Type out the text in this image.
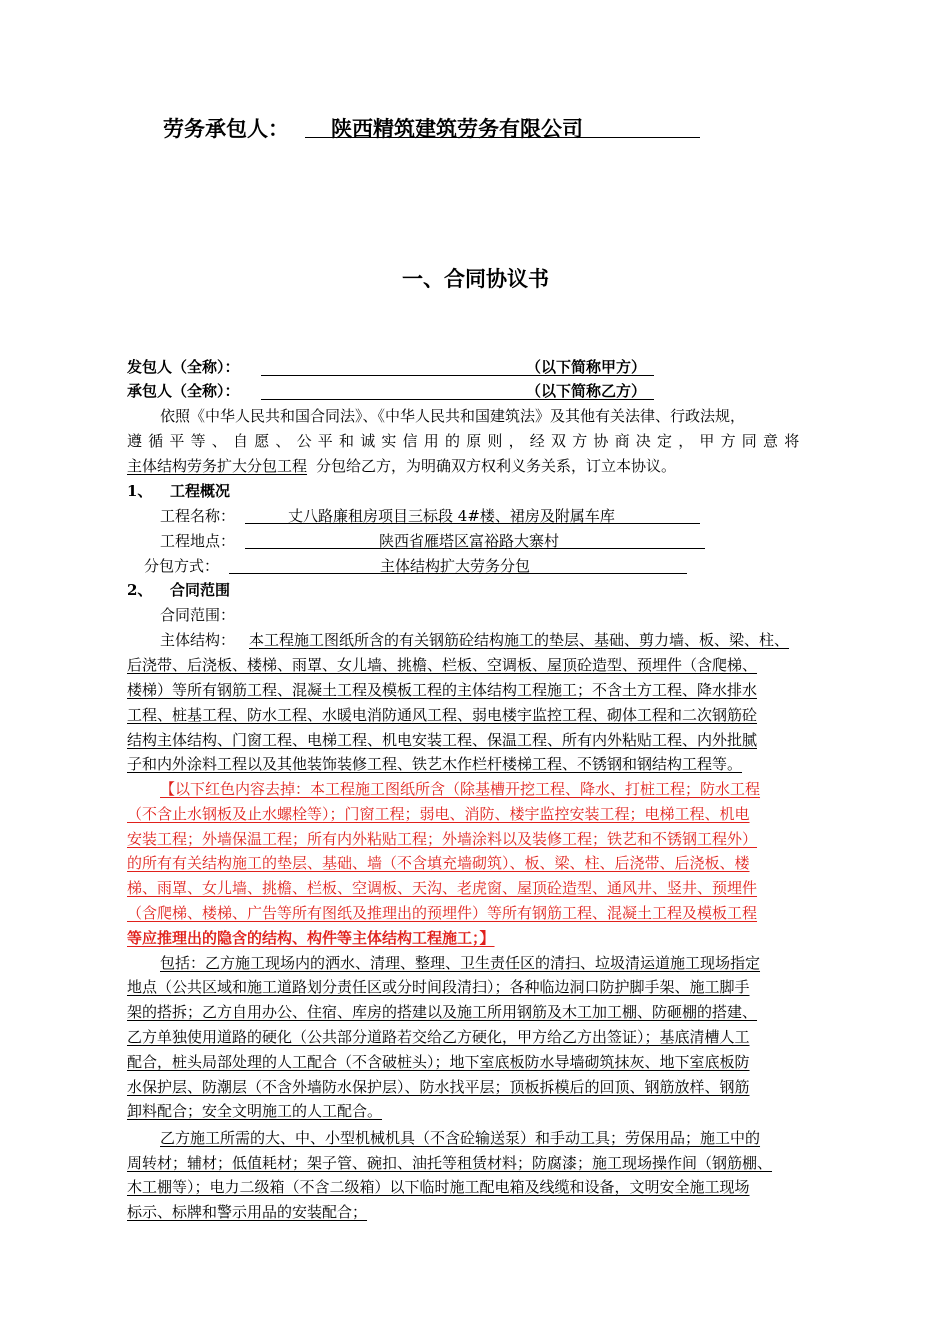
劳务承包人： 陕西精筑建筑劳务有限公司
一、合同协议书
发包人（全称）：	（以下简称甲方）
承包人（全称）：	（以下简称乙方）
依照《中华人民共和国合同法》、《中华人民共和国建筑法》及其他有关法律、行政法规，
遵循平等、自愿、公平和诚实信用的原则，经双方协商决定，甲方同意将
主体结构劳务扩大分包工程 分包给乙方，为明确双方权利义务关系，订立本协议。
1、 工程概况
工程名称：	丈八路廉租房项目三标段 4#楼、裙房及附属车库
工程地点：	陕西省雁塔区富裕路大寨村
分包方式：	主体结构扩大劳务分包
2、 合同范围
合同范围：
主体结构： 本工程施工图纸所含的有关钢筋砼结构施工的垫层、基础、剪力墙、板、梁、柱、
后浇带、后浇板、楼梯、雨罩、女儿墙、挑檐、栏板、空调板、屋顶砼造型、预埋件（含爬梯、
楼梯）等所有钢筋工程、混凝土工程及模板工程的主体结构工程施工；不含土方工程、降水排水
工程、桩基工程、防水工程、水暖电消防通风工程、弱电楼宇监控工程、砌体工程和二次钢筋砼
结构主体结构、门窗工程、电梯工程、机电安装工程、保温工程、所有内外粘贴工程、内外批腻
子和内外涂料工程以及其他装饰装修工程、铁艺木作栏杆楼梯工程、不锈钢和钢结构工程等。
【以下红色内容去掉：本工程施工图纸所含（除基槽开挖工程、降水、打桩工程；防水工程
（不含止水钢板及止水螺栓等）；门窗工程；弱电、消防、楼宇监控安装工程；电梯工程、机电
安装工程；外墙保温工程；所有内外粘贴工程；外墙涂料以及装修工程；铁艺和不锈钢工程外）
的所有有关结构施工的垫层、基础、墙（不含填充墙砌筑）、板、梁、柱、后浇带、后浇板、楼
梯、雨罩、女儿墙、挑檐、栏板、空调板、天沟、老虎窗、屋顶砼造型、通风井、竖井、预埋件
（含爬梯、楼梯、广告等所有图纸及推理出的预埋件）等所有钢筋工程、混凝土工程及模板工程
等应推理出的隐含的结构、构件等主体结构工程施工；】
包括：乙方施工现场内的洒水、清理、整理、卫生责任区的清扫、垃圾清运道施工现场指定
地点（公共区域和施工道路划分责任区或分时间段清扫）；各种临边洞口防护脚手架、施工脚手
架的搭拆；乙方自用办公、住宿、库房的搭建以及施工所用钢筋及木工加工棚、防砸棚的搭建、
乙方单独使用道路的硬化（公共部分道路若交给乙方硬化，甲方给乙方出签证）；基底清槽人工
配合，桩头局部处理的人工配合（不含破桩头）；地下室底板防水导墙砌筑抹灰、地下室底板防
水保护层、防潮层（不含外墙防水保护层）、防水找平层；顶板拆模后的回顶、钢筋放样、钢筋
卸料配合；安全文明施工的人工配合。
乙方施工所需的大、中、小型机械机具（不含砼输送泵）和手动工具；劳保用品；施工中的
周转材；辅材；低值耗材；架子管、碗扣、油托等租赁材料；防腐漆；施工现场操作间（钢筋棚、
木工棚等）；电力二级箱（不含二级箱）以下临时施工配电箱及线缆和设备，文明安全施工现场
标示、标牌和警示用品的安装配合；
